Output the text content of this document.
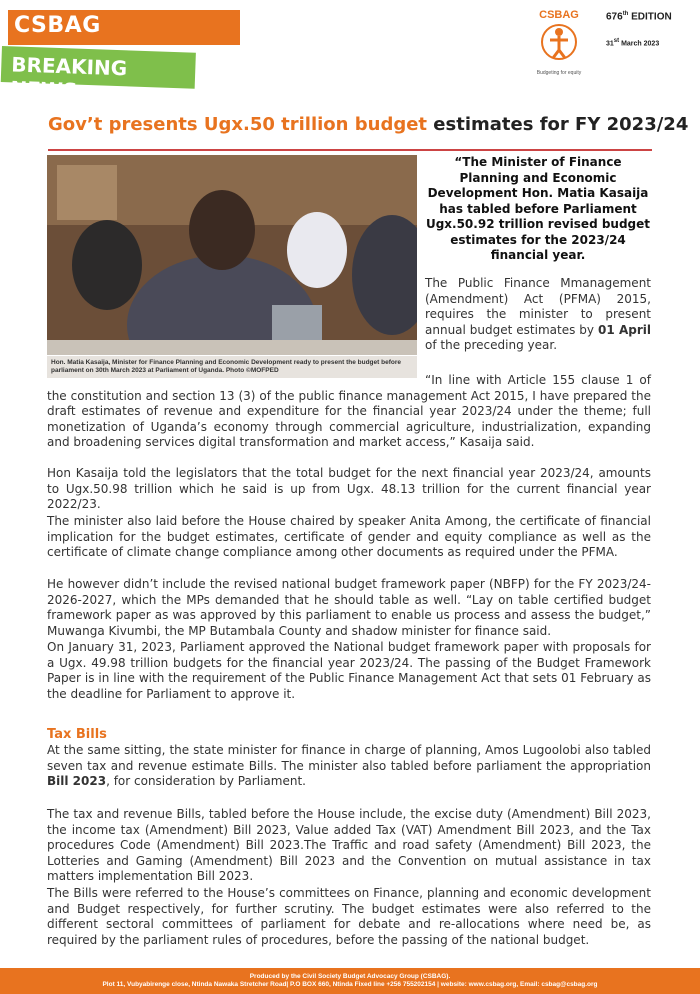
CSBAG
BREAKING NEWS
CSBAG
Budgeting for equity
676th EDITION
31st March 2023
Gov’t presents Ugx.50 trillion budget estimates for FY 2023/24
Hon. Matia Kasaija, Minister for Finance Planning and Economic Development ready to present the budget before parliament on 30th March 2023 at Parliament of Uganda. Photo ©MOFPED
“The Minister of Finance Planning and Economic Development Hon. Matia Kasaija has tabled before Parliament Ugx.50.92 trillion revised budget estimates for the 2023/24 financial year.
The Public Finance Mmanagement (Amendment) Act (PFMA) 2015, requires the minister to present annual budget estimates by 01 April of the preceding year.
“In line with Article 155 clause 1 of the constitution and section 13 (3) of the public finance management Act 2015, I have prepared the draft estimates of revenue and expenditure for the financial year 2023/24 under the theme; full monetization of Uganda’s economy through commercial agriculture, industrialization, expanding and broadening services digital transformation and market access,” Kasaija said.
Hon Kasaija told the legislators that the total budget for the next financial year 2023/24, amounts to Ugx.50.98 trillion which he said is up from Ugx. 48.13 trillion for the current financial year 2022/23.
The minister also laid before the House chaired by speaker Anita Among, the certificate of financial implication for the budget estimates, certificate of gender and equity compliance as well as the certificate of climate change compliance among other documents as required under the PFMA.
He however didn’t include the revised national budget framework paper (NBFP) for the FY 2023/24-2026-2027, which the MPs demanded that he should table as well. “Lay on table certified budget framework paper as was approved by this parliament to enable us process and assess the budget,” Muwanga Kivumbi, the MP Butambala County and shadow minister for finance said.
On January 31, 2023, Parliament approved the National budget framework paper with proposals for a Ugx. 49.98 trillion budgets for the financial year 2023/24. The passing of the Budget Framework Paper is in line with the requirement of the Public Finance Management Act that sets 01 February as the deadline for Parliament to approve it.
Tax Bills
At the same sitting, the state minister for finance in charge of planning, Amos Lugoolobi also tabled seven tax and revenue estimate Bills. The minister also tabled before parliament the appropriation Bill 2023, for consideration by Parliament.
The tax and revenue Bills, tabled before the House include, the excise duty (Amendment) Bill 2023, the income tax (Amendment) Bill 2023, Value added Tax (VAT) Amendment Bill 2023, and the Tax procedures Code (Amendment) Bill 2023.The Traffic and road safety (Amendment) Bill 2023, the Lotteries and Gaming (Amendment) Bill 2023 and the Convention on mutual assistance in tax matters implementation Bill 2023.
The Bills were referred to the House’s committees on Finance, planning and economic development and Budget respectively, for further scrutiny. The budget estimates were also referred to the different sectoral committees of parliament for debate and re-allocations where need be, as required by the parliament rules of procedures, before the passing of the national budget.
Produced by the Civil Society Budget Advocacy Group (CSBAG).
Plot 11, Vubyabirenge close, Ntinda Nawaka Stretcher Road| P.O BOX 660, Ntinda Fixed line +256 755202154 | website: www.csbag.org, Email: csbag@csbag.org
